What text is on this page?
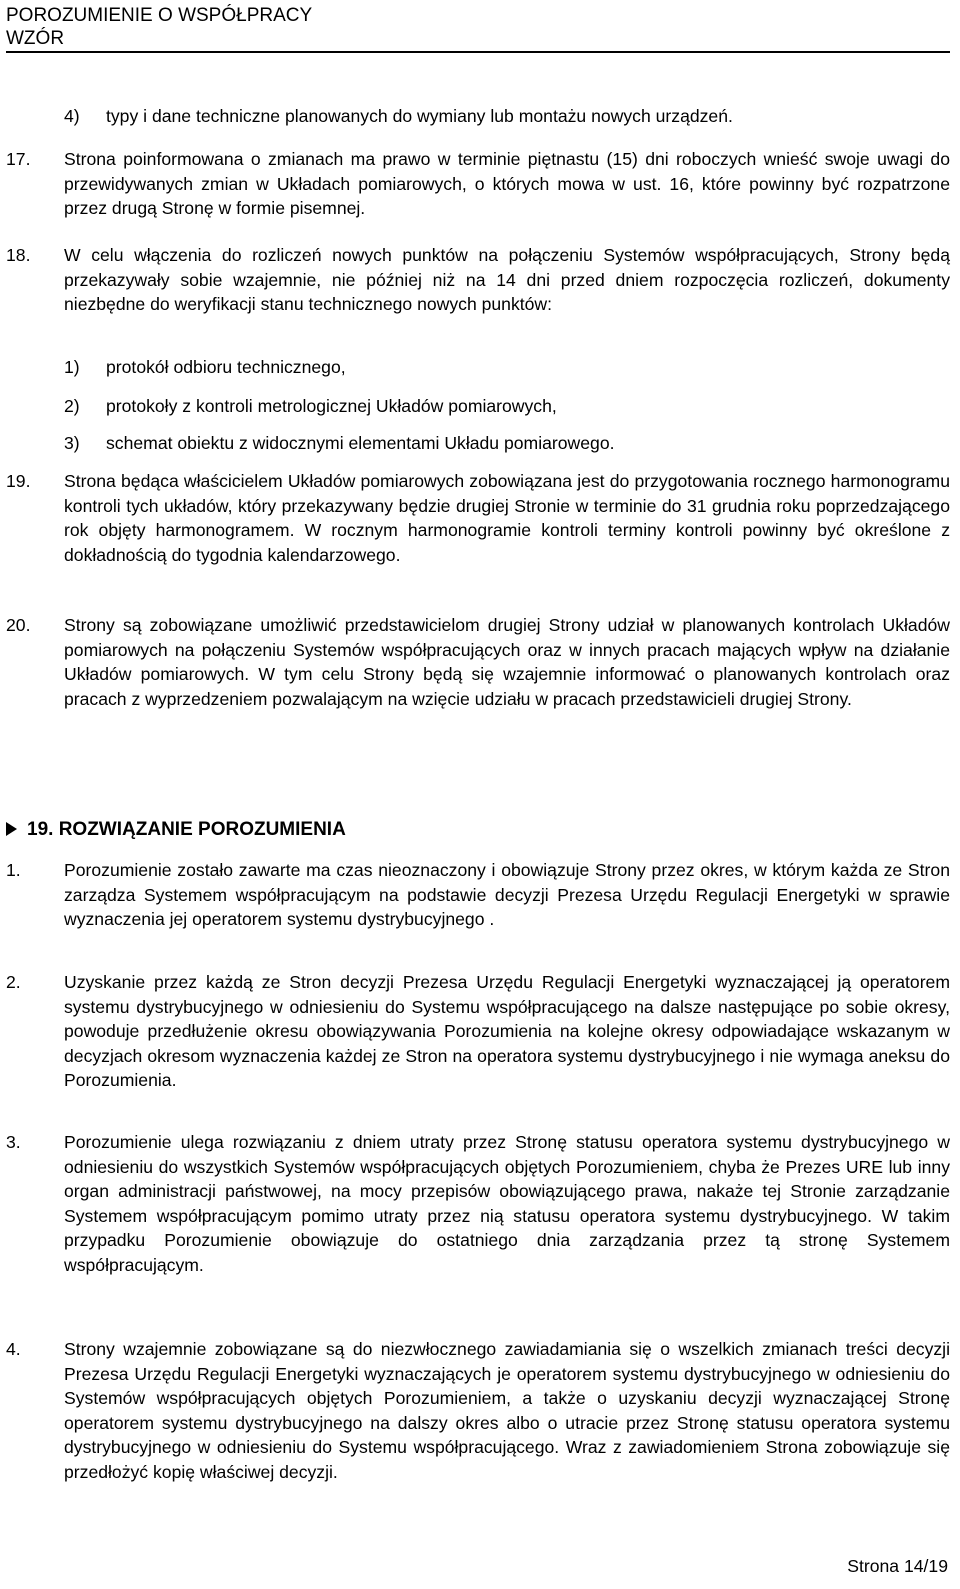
POROZUMIENIE O WSPÓŁPRACY
WZÓR
4) typy i dane techniczne planowanych do wymiany lub montażu nowych urządzeń.
17. Strona poinformowana o zmianach ma prawo w terminie piętnastu (15) dni roboczych wnieść swoje uwagi do przewidywanych zmian w Układach pomiarowych, o których mowa w ust. 16, które powinny być rozpatrzone przez drugą Stronę w formie pisemnej.
18. W celu włączenia do rozliczeń nowych punktów na połączeniu Systemów współpracujących, Strony będą przekazywały sobie wzajemnie, nie później niż na 14 dni przed dniem rozpoczęcia rozliczeń, dokumenty niezbędne do weryfikacji stanu technicznego nowych punktów:
1) protokół odbioru technicznego,
2) protokoły z kontroli metrologicznej Układów pomiarowych,
3) schemat obiektu z widocznymi elementami Układu pomiarowego.
19. Strona będąca właścicielem Układów pomiarowych zobowiązana jest do przygotowania rocznego harmonogramu kontroli tych układów, który przekazywany będzie drugiej Stronie w terminie do 31 grudnia roku poprzedzającego rok objęty harmonogramem. W rocznym harmonogramie kontroli terminy kontroli powinny być określone z dokładnością do tygodnia kalendarzowego.
20. Strony są zobowiązane umożliwić przedstawicielom drugiej Strony udział w planowanych kontrolach Układów pomiarowych na połączeniu Systemów współpracujących oraz w innych pracach mających wpływ na działanie Układów pomiarowych. W tym celu Strony będą się wzajemnie informować o planowanych kontrolach oraz pracach z wyprzedzeniem pozwalającym na wzięcie udziału w pracach przedstawicieli drugiej Strony.
19. ROZWIĄZANIE POROZUMIENIA
1. Porozumienie zostało zawarte ma czas nieoznaczony i obowiązuje Strony przez okres, w którym każda ze Stron zarządza Systemem współpracującym na podstawie decyzji Prezesa Urzędu Regulacji Energetyki w sprawie wyznaczenia jej operatorem systemu dystrybucyjnego .
2. Uzyskanie przez każdą ze Stron decyzji Prezesa Urzędu Regulacji Energetyki wyznaczającej ją operatorem systemu dystrybucyjnego w odniesieniu do Systemu współpracującego na dalsze następujące po sobie okresy, powoduje przedłużenie okresu obowiązywania Porozumienia na kolejne okresy odpowiadające wskazanym w decyzjach okresom wyznaczenia każdej ze Stron na operatora systemu dystrybucyjnego i nie wymaga aneksu do Porozumienia.
3. Porozumienie ulega rozwiązaniu z dniem utraty przez Stronę statusu operatora systemu dystrybucyjnego w odniesieniu do wszystkich Systemów współpracujących objętych Porozumieniem, chyba że Prezes URE lub inny organ administracji państwowej, na mocy przepisów obowiązującego prawa, nakaże tej Stronie zarządzanie Systemem współpracującym pomimo utraty przez nią statusu operatora systemu dystrybucyjnego. W takim przypadku Porozumienie obowiązuje do ostatniego dnia zarządzania przez tą stronę Systemem współpracującym.
4. Strony wzajemnie zobowiązane są do niezwłocznego zawiadamiania się o wszelkich zmianach treści decyzji Prezesa Urzędu Regulacji Energetyki wyznaczających je operatorem systemu dystrybucyjnego w odniesieniu do Systemów współpracujących objętych Porozumieniem, a także o uzyskaniu decyzji wyznaczającej Stronę operatorem systemu dystrybucyjnego na dalszy okres albo o utracie przez Stronę statusu operatora systemu dystrybucyjnego w odniesieniu do Systemu współpracującego. Wraz z zawiadomieniem Strona zobowiązuje się przedłożyć kopię właściwej decyzji.
Strona 14/19
